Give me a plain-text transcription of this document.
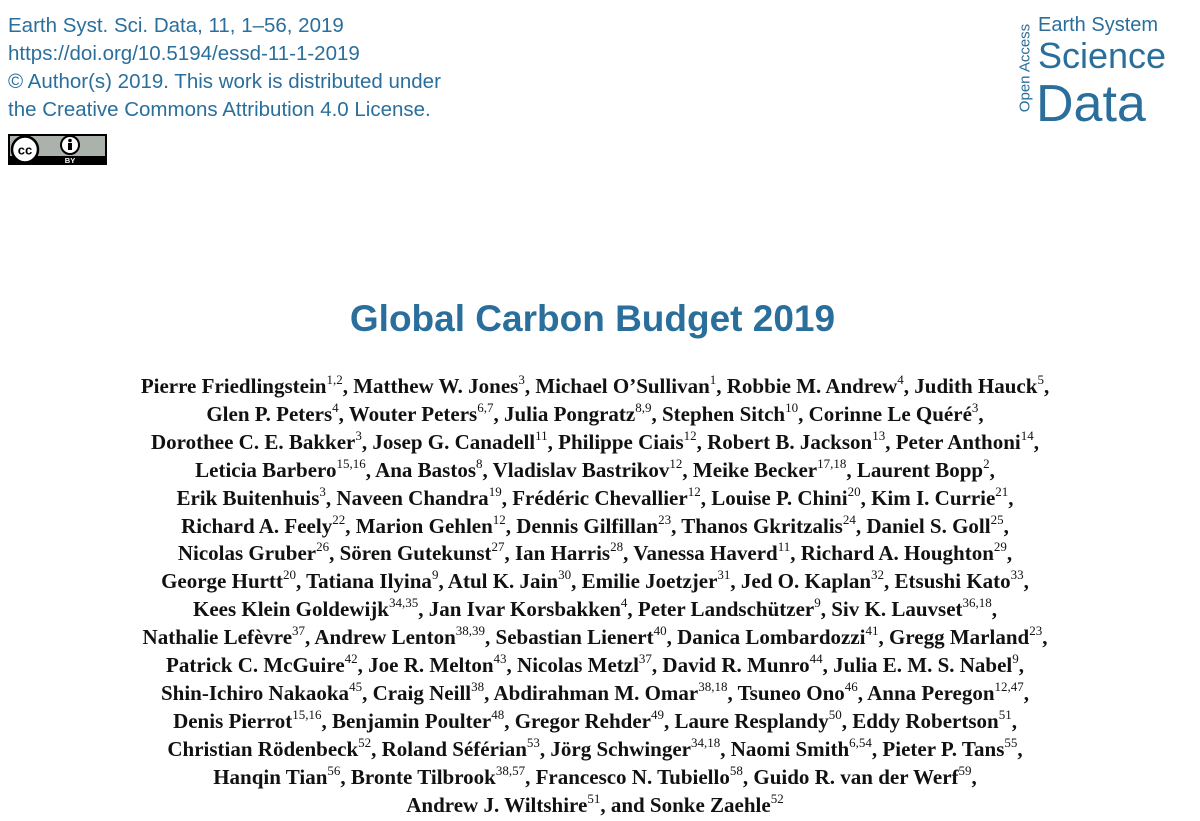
Earth Syst. Sci. Data, 11, 1–56, 2019
https://doi.org/10.5194/essd-11-1-2019
© Author(s) 2019. This work is distributed under
the Creative Commons Attribution 4.0 License.
cc
BY
Open Access Earth System
Science
Data
Global Carbon Budget 2019
Pierre Friedlingstein$^{1,2}$, Matthew W. Jones$^3$, Michael O’Sullivan$^1$, Robbie M. Andrew$^4$, Judith Hauck$^5$,
Glen P. Peters$^4$, Wouter Peters$^{6,7}$, Julia Pongratz$^{8,9}$, Stephen Sitch$^{10}$, Corinne Le Quéré$^3$,
Dorothee C. E. Bakker$^3$, Josep G. Canadell$^{11}$, Philippe Ciais$^{12}$, Robert B. Jackson$^{13}$, Peter Anthoni$^{14}$,
Leticia Barbero$^{15,16}$, Ana Bastos$^8$, Vladislav Bastrikov$^{12}$, Meike Becker$^{17,18}$, Laurent Bopp$^2$,
Erik Buitenhuis$^3$, Naveen Chandra$^{19}$, Frédéric Chevallier$^{12}$, Louise P. Chini$^{20}$, Kim I. Currie$^{21}$,
Richard A. Feely$^{22}$, Marion Gehlen$^{12}$, Dennis Gilfillan$^{23}$, Thanos Gkritzalis$^{24}$, Daniel S. Goll$^{25}$,
Nicolas Gruber$^{26}$, Sören Gutekunst$^{27}$, Ian Harris$^{28}$, Vanessa Haverd$^{11}$, Richard A. Houghton$^{29}$,
George Hurtt$^{20}$, Tatiana Ilyina$^9$, Atul K. Jain$^{30}$, Emilie Joetzjer$^{31}$, Jed O. Kaplan$^{32}$, Etsushi Kato$^{33}$,
Kees Klein Goldewijk$^{34,35}$, Jan Ivar Korsbakken$^4$, Peter Landschützer$^9$, Siv K. Lauvset$^{36,18}$,
Nathalie Lefèvre$^{37}$, Andrew Lenton$^{38,39}$, Sebastian Lienert$^{40}$, Danica Lombardozzi$^{41}$, Gregg Marland$^{23}$,
Patrick C. McGuire$^{42}$, Joe R. Melton$^{43}$, Nicolas Metzl$^{37}$, David R. Munro$^{44}$, Julia E. M. S. Nabel$^9$,
Shin-Ichiro Nakaoka$^{45}$, Craig Neill$^{38}$, Abdirahman M. Omar$^{38,18}$, Tsuneo Ono$^{46}$, Anna Peregon$^{12,47}$,
Denis Pierrot$^{15,16}$, Benjamin Poulter$^{48}$, Gregor Rehder$^{49}$, Laure Resplandy$^{50}$, Eddy Robertson$^{51}$,
Christian Rödenbeck$^{52}$, Roland Séférian$^{53}$, Jörg Schwinger$^{34,18}$, Naomi Smith$^{6,54}$, Pieter P. Tans$^{55}$,
Hanqin Tian$^{56}$, Bronte Tilbrook$^{38,57}$, Francesco N. Tubiello$^{58}$, Guido R. van der Werf$^{59}$,
Andrew J. Wiltshire$^{51}$, and Sonke Zaehle$^{52}$
